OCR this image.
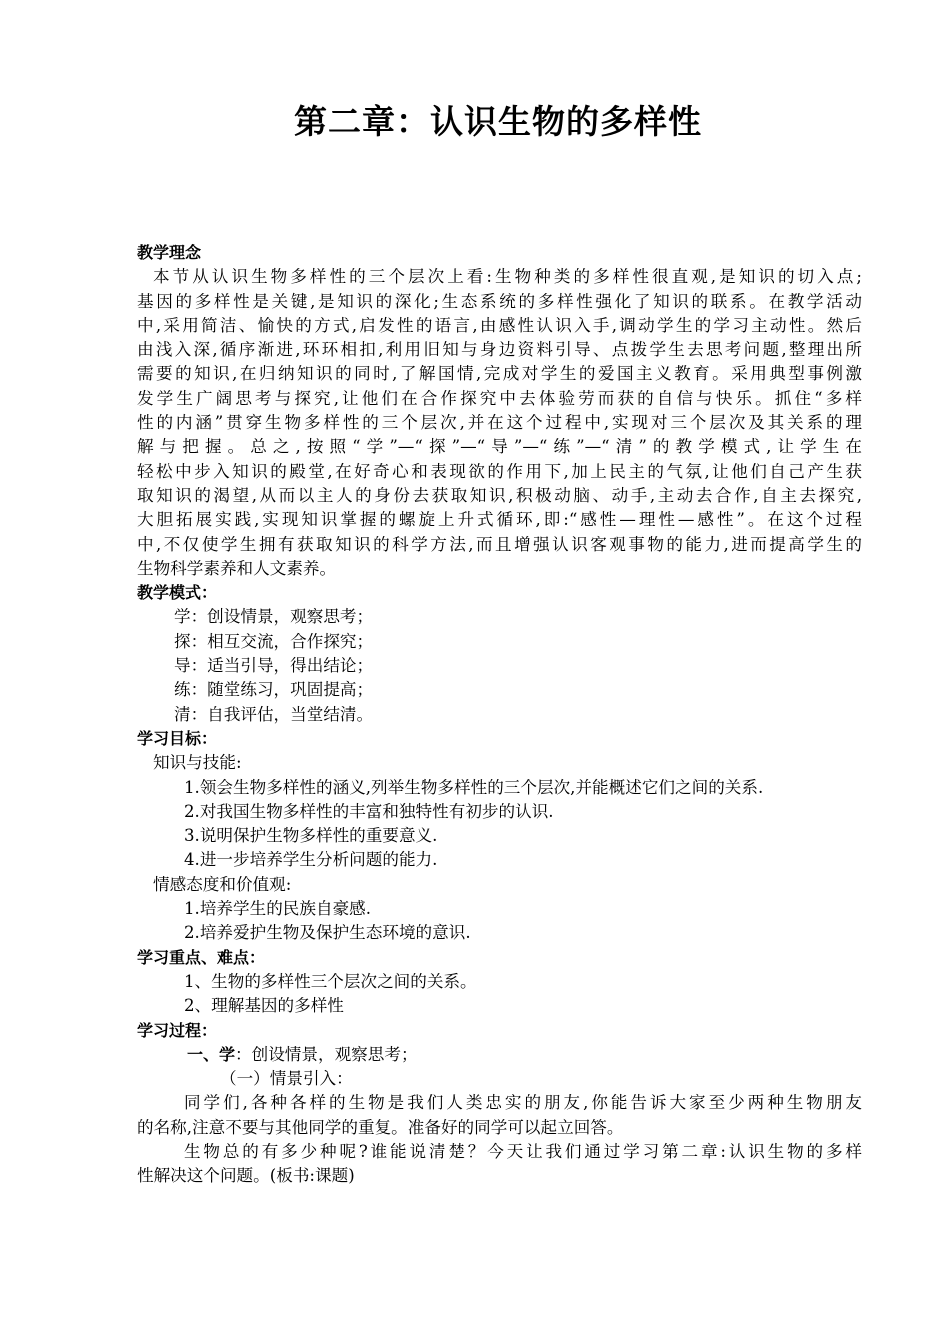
第二章：认识生物的多样性
教学理念
本节从认识生物多样性的三个层次上看:生物种类的多样性很直观,是知识的切入点;
基因的多样性是关键,是知识的深化;生态系统的多样性强化了知识的联系。在教学活动
中,采用简洁、愉快的方式,启发性的语言,由感性认识入手,调动学生的学习主动性。然后
由浅入深,循序渐进,环环相扣,利用旧知与身边资料引导、点拨学生去思考问题,整理出所
需要的知识,在归纳知识的同时,了解国情,完成对学生的爱国主义教育。采用典型事例激
发学生广阔思考与探究,让他们在合作探究中去体验劳而获的自信与快乐。抓住“多样
性的内涵”贯穿生物多样性的三个层次,并在这个过程中,实现对三个层次及其关系的理
解与把握。总之,按照“学”—“探”—“导”—“练”—“清”的教学模式,让学生在
轻松中步入知识的殿堂,在好奇心和表现欲的作用下,加上民主的气氛,让他们自己产生获
取知识的渴望,从而以主人的身份去获取知识,积极动脑、动手,主动去合作,自主去探究,
大胆拓展实践,实现知识掌握的螺旋上升式循环,即:“感性—理性—感性”。在这个过程
中,不仅使学生拥有获取知识的科学方法,而且增强认识客观事物的能力,进而提高学生的
生物科学素养和人文素养。
教学模式：
学：创设情景，观察思考；
探：相互交流，合作探究；
导：适当引导，得出结论；
练：随堂练习，巩固提高；
清：自我评估，当堂结清。
学习目标：
知识与技能:
1.领会生物多样性的涵义,列举生物多样性的三个层次,并能概述它们之间的关系.
2.对我国生物多样性的丰富和独特性有初步的认识.
3.说明保护生物多样性的重要意义.
4.进一步培养学生分析问题的能力.
情感态度和价值观:
1.培养学生的民族自豪感.
2.培养爱护生物及保护生态环境的意识.
学习重点、难点：
1、生物的多样性三个层次之间的关系。
2、理解基因的多样性
学习过程：
一、学：创设情景，观察思考；
（一）情景引入：
同学们,各种各样的生物是我们人类忠实的朋友,你能告诉大家至少两种生物朋友
的名称,注意不要与其他同学的重复。准备好的同学可以起立回答。
生物总的有多少种呢?谁能说清楚？今天让我们通过学习第二章:认识生物的多样
性解决这个问题。(板书:课题)
